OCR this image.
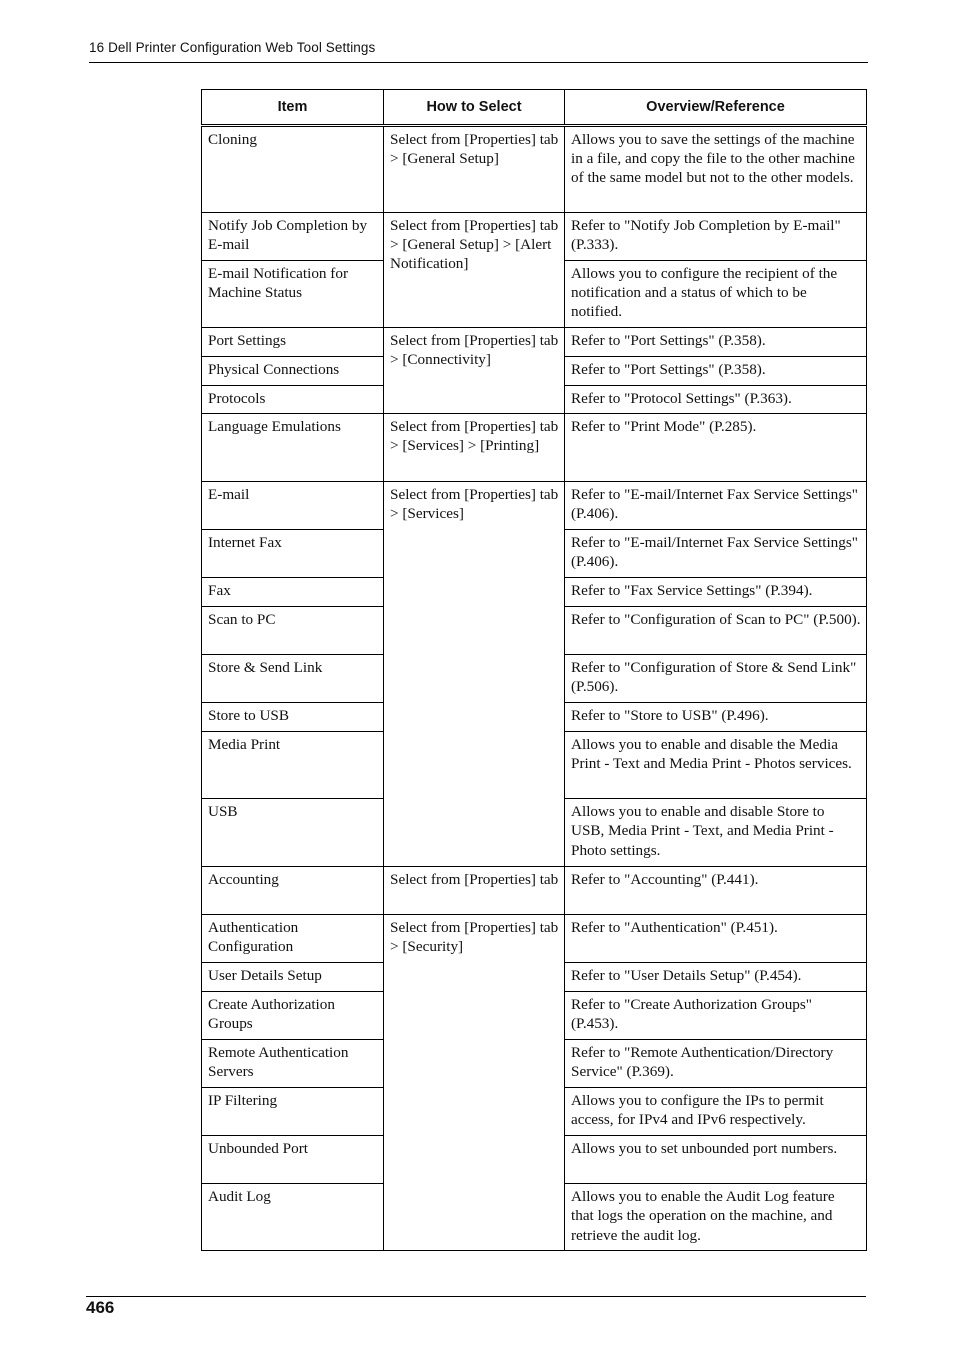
16 Dell Printer Configuration Web Tool Settings
Item	How to Select	Overview/Reference
Cloning	Select from [Properties] tab > [General Setup]	Allows you to save the settings of the machine in a file, and copy the file to the other machine of the same model but not to the other models.
Notify Job Completion by E-mail	Select from [Properties] tab > [General Setup] > [Alert Notification]	Refer to "Notify Job Completion by E-mail" (P.333).
E-mail Notification for Machine Status		Allows you to configure the recipient of the notification and a status of which to be notified.
Port Settings	Select from [Properties] tab > [Connectivity]	Refer to "Port Settings" (P.358).
Physical Connections		Refer to "Port Settings" (P.358).
Protocols		Refer to "Protocol Settings" (P.363).
Language Emulations	Select from [Properties] tab > [Services] > [Printing]	Refer to "Print Mode" (P.285).
E-mail	Select from [Properties] tab > [Services]	Refer to "E-mail/Internet Fax Service Settings" (P.406).
Internet Fax		Refer to "E-mail/Internet Fax Service Settings" (P.406).
Fax		Refer to "Fax Service Settings" (P.394).
Scan to PC		Refer to "Configuration of Scan to PC" (P.500).
Store & Send Link		Refer to "Configuration of Store & Send Link" (P.506).
Store to USB		Refer to "Store to USB" (P.496).
Media Print		Allows you to enable and disable the Media Print - Text and Media Print - Photos services.
USB		Allows you to enable and disable Store to USB, Media Print - Text, and Media Print - Photo settings.
Accounting	Select from [Properties] tab	Refer to "Accounting" (P.441).
Authentication Configuration	Select from [Properties] tab > [Security]	Refer to "Authentication" (P.451).
User Details Setup		Refer to "User Details Setup" (P.454).
Create Authorization Groups		Refer to "Create Authorization Groups" (P.453).
Remote Authentication Servers		Refer to "Remote Authentication/Directory Service" (P.369).
IP Filtering		Allows you to configure the IPs to permit access, for IPv4 and IPv6 respectively.
Unbounded Port		Allows you to set unbounded port numbers.
Audit Log		Allows you to enable the Audit Log feature that logs the operation on the machine, and retrieve the audit log.
466
